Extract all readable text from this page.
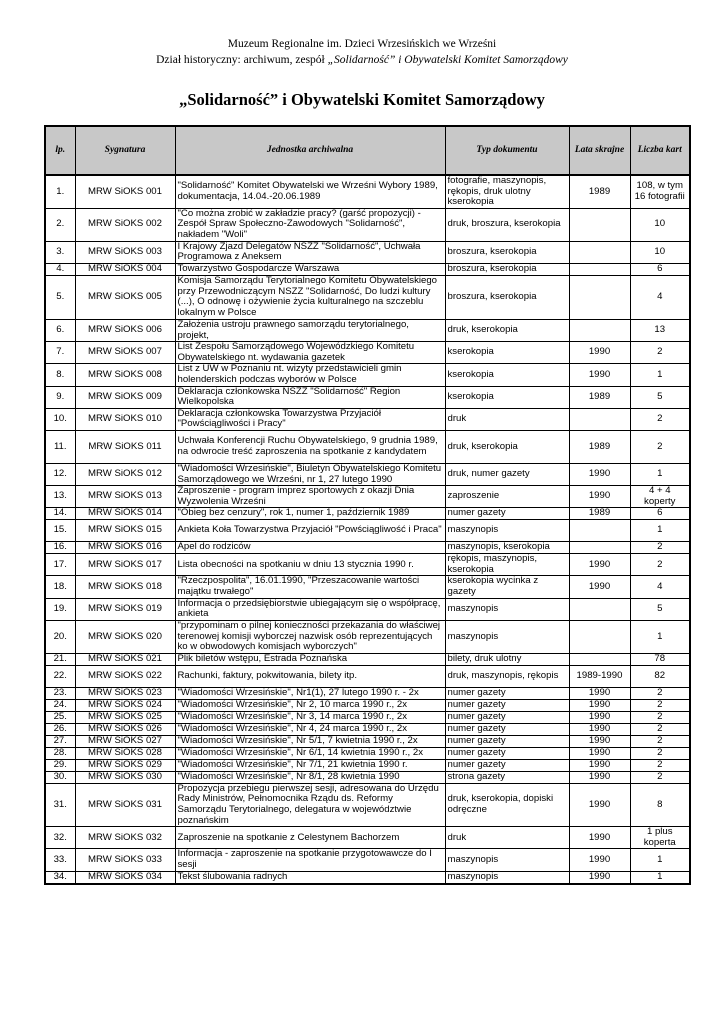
Muzeum Regionalne im. Dzieci Wrzesińskich we Wrześni
Dział historyczny: archiwum, zespół „Solidarność” i Obywatelski Komitet Samorządowy
„Solidarność” i Obywatelski Komitet Samorządowy
lp.	Sygnatura	Jednostka archiwalna	Typ dokumentu	Lata skrajne	Liczba kart
1.	MRW SiOKS 001	"Solidarność" Komitet Obywatelski we Wrześni Wybory 1989, dokumentacja, 14.04.-20.06.1989	fotografie, maszynopis, rękopis, druk ulotny kserokopia	1989	108, w tym 16 fotografii
2.	MRW SiOKS 002	"Co można zrobić w zakładzie pracy? (garść propozycji) - Zespół Spraw Społeczno-Zawodowych "Solidarność", nakładem "Woli"	druk, broszura, kserokopia		10
3.	MRW SiOKS 003	I Krajowy Zjazd Delegatów NSZZ "Solidarność", Uchwała Programowa z Aneksem	broszura, kserokopia		10
4.	MRW SiOKS 004	Towarzystwo Gospodarcze Warszawa	broszura, kserokopia		6
5.	MRW SiOKS 005	Komisja Samorządu Terytorialnego Komitetu Obywatelskiego przy Przewodniczącym NSZZ "Solidarność, Do ludzi kultury (...), O odnowę i ożywienie życia kulturalnego na szczeblu lokalnym w Polsce	broszura, kserokopia		4
6.	MRW SiOKS 006	Założenia ustroju prawnego samorządu terytorialnego, projekt,	druk, kserokopia		13
7.	MRW SiOKS 007	List Zespołu Samorządowego Wojewódzkiego Komitetu Obywatelskiego nt. wydawania gazetek	kserokopia	1990	2
8.	MRW SiOKS 008	List z UW w Poznaniu nt. wizyty przedstawicieli gmin holenderskich podczas wyborów w Polsce	kserokopia	1990	1
9.	MRW SiOKS 009	Deklaracja członkowska NSZZ "Solidarność" Region Wielkopolska	kserokopia	1989	5
10.	MRW SiOKS 010	Deklaracja członkowska Towarzystwa Przyjaciół "Powściągliwości i Pracy"	druk		2
11.	MRW SiOKS 011	Uchwała Konferencji Ruchu Obywatelskiego, 9 grudnia 1989, na odwrocie treść zaproszenia na spotkanie z kandydatem	druk, kserokopia	1989	2
12.	MRW SiOKS 012	"Wiadomości Wrzesińskie", Biuletyn Obywatelskiego Komitetu Samorządowego we Wrześni, nr 1, 27 lutego 1990	druk, numer gazety	1990	1
13.	MRW SiOKS 013	Zaproszenie - program imprez sportowych z okazji Dnia Wyzwolenia Wrześni	zaproszenie	1990	4 + 4 koperty
14.	MRW SiOKS 014	"Obieg bez cenzury", rok 1, numer 1, październik 1989	numer gazety	1989	6
15.	MRW SiOKS 015	Ankieta Koła Towarzystwa Przyjaciół "Powściągliwość i Praca"	maszynopis		1
16.	MRW SiOKS 016	Apel do rodziców	maszynopis, kserokopia		2
17.	MRW SiOKS 017	Lista obecności na spotkaniu w dniu 13 stycznia 1990 r.	rękopis, maszynopis, kserokopia	1990	2
18.	MRW SiOKS 018	"Rzeczpospolita", 16.01.1990, "Przeszacowanie wartości majątku trwałego"	kserokopia wycinka z gazety	1990	4
19.	MRW SiOKS 019	Informacja o przedsiębiorstwie ubiegającym się o współpracę, ankieta	maszynopis		5
20.	MRW SiOKS 020	"przypominam o pilnej konieczności przekazania do właściwej terenowej komisji wyborczej nazwisk osób reprezentujących ko w obwodowych komisjach wyborczych"	maszynopis		1
21.	MRW SiOKS 021	Plik biletów wstępu, Estrada Poznańska	bilety, druk ulotny		78
22.	MRW SiOKS 022	Rachunki, faktury, pokwitowania, bilety itp.	druk, maszynopis, rękopis	1989-1990	82
23.	MRW SiOKS 023	"Wiadomości Wrzesińskie", Nr1(1), 27 lutego 1990 r. - 2x	numer gazety	1990	2
24.	MRW SiOKS 024	"Wiadomości Wrzesińskie", Nr 2, 10 marca 1990 r., 2x	numer gazety	1990	2
25.	MRW SiOKS 025	"Wiadomości Wrzesińskie", Nr 3, 14 marca 1990 r., 2x	numer gazety	1990	2
26.	MRW SiOKS 026	"Wiadomości Wrzesińskie", Nr 4, 24 marca 1990 r., 2x	numer gazety	1990	2
27.	MRW SiOKS 027	"Wiadomości Wrzesińskie", Nr 5/1, 7 kwietnia 1990 r., 2x	numer gazety	1990	2
28.	MRW SiOKS 028	"Wiadomości Wrzesińskie", Nr 6/1, 14 kwietnia 1990 r., 2x	numer gazety	1990	2
29.	MRW SiOKS 029	"Wiadomości Wrzesińskie", Nr 7/1, 21 kwietnia 1990 r.	numer gazety	1990	2
30.	MRW SiOKS 030	"Wiadomości Wrzesińskie", Nr 8/1, 28 kwietnia 1990	strona gazety	1990	2
31.	MRW SiOKS 031	Propozycja przebiegu pierwszej sesji, adresowana do Urzędu Rady Ministrów, Pełnomocnika Rządu ds. Reformy Samorządu Terytorialnego, delegatura w województwie poznańskim	druk, kserokopia, dopiski odręczne	1990	8
32.	MRW SiOKS 032	Zaproszenie na spotkanie z Celestynem Bachorzem	druk	1990	1 plus koperta
33.	MRW SiOKS 033	Informacja - zaproszenie na spotkanie przygotowawcze do I sesji	maszynopis	1990	1
34.	MRW SiOKS 034	Tekst ślubowania radnych	maszynopis	1990	1
